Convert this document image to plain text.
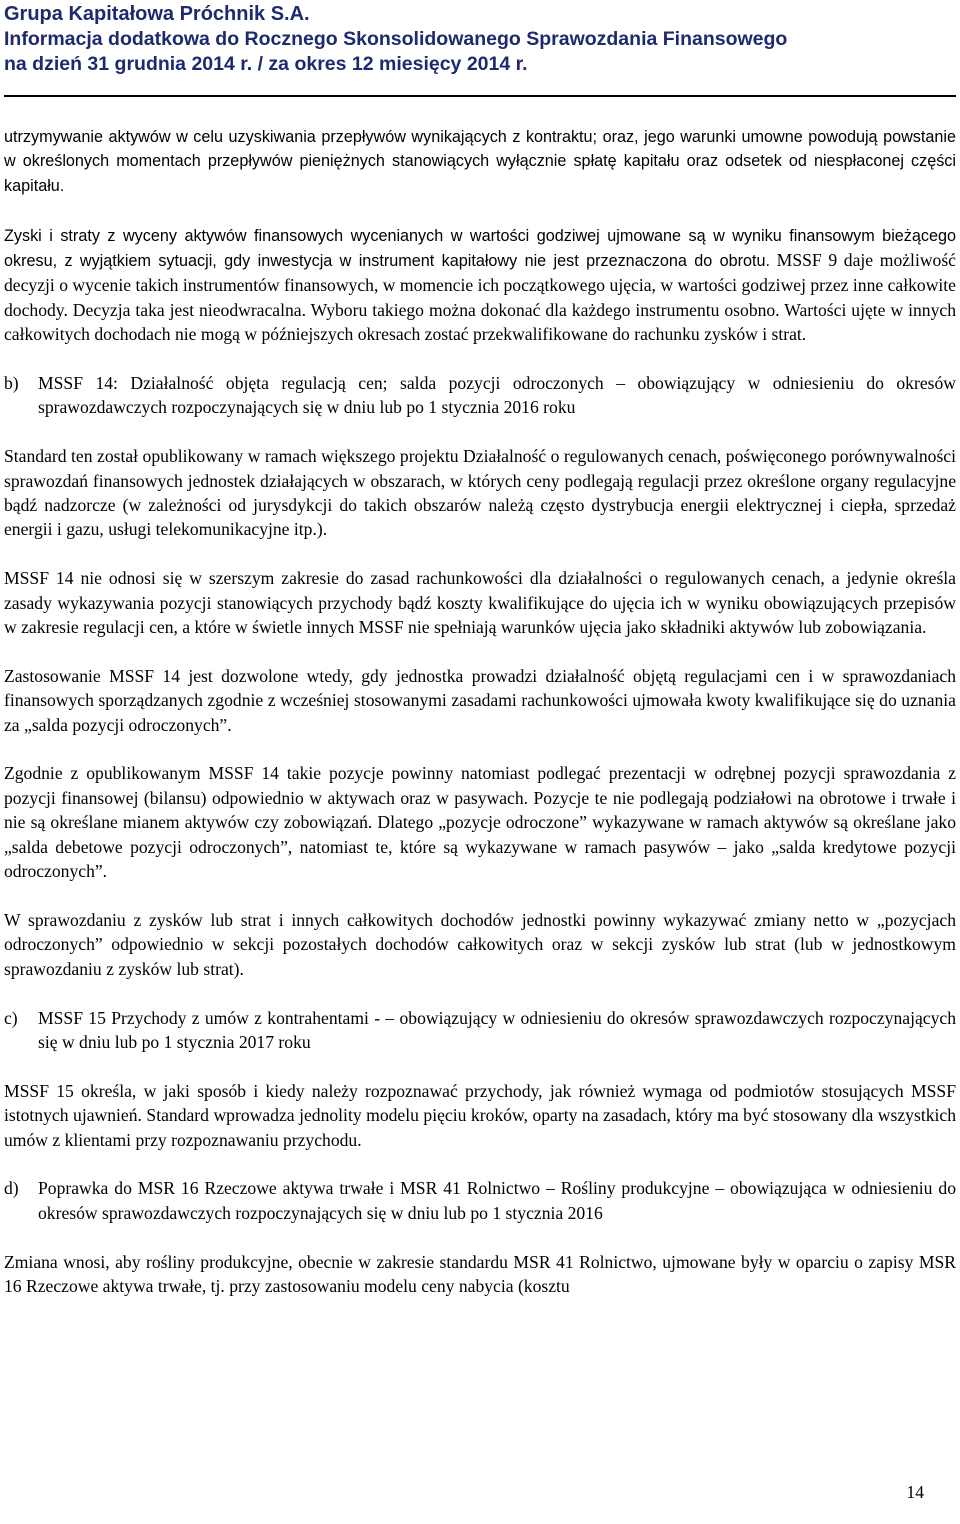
Grupa Kapitałowa Próchnik S.A.
Informacja dodatkowa do Rocznego Skonsolidowanego Sprawozdania Finansowego
na dzień 31 grudnia 2014 r. / za okres 12 miesięcy 2014 r.

utrzymywanie aktywów w celu uzyskiwania przepływów wynikających z kontraktu; oraz, jego warunki umowne powodują powstanie w określonych momentach przepływów pieniężnych stanowiących wyłącznie spłatę kapitału oraz odsetek od niespłaconej części kapitału.

Zyski i straty z wyceny aktywów finansowych wycenianych w wartości godziwej ujmowane są w wyniku finansowym bieżącego okresu, z wyjątkiem sytuacji, gdy inwestycja w instrument kapitałowy nie jest przeznaczona do obrotu. MSSF 9 daje możliwość decyzji o wycenie takich instrumentów finansowych, w momencie ich początkowego ujęcia, w wartości godziwej przez inne całkowite dochody. Decyzja taka jest nieodwracalna. Wyboru takiego można dokonać dla każdego instrumentu osobno. Wartości ujęte w innych całkowitych dochodach nie mogą w późniejszych okresach zostać przekwalifikowane do rachunku zysków i strat.

b)	MSSF 14: Działalność objęta regulacją cen; salda pozycji odroczonych – obowiązujący w odniesieniu do okresów sprawozdawczych rozpoczynających się w dniu lub po 1 stycznia 2016 roku

Standard ten został opublikowany w ramach większego projektu Działalność o regulowanych cenach, poświęconego porównywalności sprawozdań finansowych jednostek działających w obszarach, w których ceny podlegają regulacji przez określone organy regulacyjne bądź nadzorcze (w zależności od jurysdykcji do takich obszarów należą często dystrybucja energii elektrycznej i ciepła, sprzedaż energii i gazu, usługi telekomunikacyjne itp.).

MSSF 14 nie odnosi się w szerszym zakresie do zasad rachunkowości dla działalności o regulowanych cenach, a jedynie określa zasady wykazywania pozycji stanowiących przychody bądź koszty kwalifikujące do ujęcia ich w wyniku obowiązujących przepisów w zakresie regulacji cen, a które w świetle innych MSSF nie spełniają warunków ujęcia jako składniki aktywów lub zobowiązania.

Zastosowanie MSSF 14 jest dozwolone wtedy, gdy jednostka prowadzi działalność objętą regulacjami cen i w sprawozdaniach finansowych sporządzanych zgodnie z wcześniej stosowanymi zasadami rachunkowości ujmowała kwoty kwalifikujące się do uznania za „salda pozycji odroczonych”.

Zgodnie z opublikowanym MSSF 14 takie pozycje powinny natomiast podlegać prezentacji w odrębnej pozycji sprawozdania z pozycji finansowej (bilansu) odpowiednio w aktywach oraz w pasywach. Pozycje te nie podlegają podziałowi na obrotowe i trwałe i nie są określane mianem aktywów czy zobowiązań. Dlatego „pozycje odroczone” wykazywane w ramach aktywów są określane jako „salda debetowe pozycji odroczonych”, natomiast te, które są wykazywane w ramach pasywów – jako „salda kredytowe pozycji odroczonych”.

W sprawozdaniu z zysków lub strat i innych całkowitych dochodów jednostki powinny wykazywać zmiany netto w „pozycjach odroczonych” odpowiednio w sekcji pozostałych dochodów całkowitych oraz w sekcji zysków lub strat (lub w jednostkowym sprawozdaniu z zysków lub strat).

c)	MSSF 15 Przychody z umów z kontrahentami - – obowiązujący w odniesieniu do okresów sprawozdawczych rozpoczynających się w dniu lub po 1 stycznia 2017 roku

MSSF 15 określa, w jaki sposób i kiedy należy rozpoznawać przychody, jak również wymaga od podmiotów stosujących MSSF istotnych ujawnień. Standard wprowadza jednolity modelu pięciu kroków, oparty na zasadach, który ma być stosowany dla wszystkich umów z klientami przy rozpoznawaniu przychodu.

d)	Poprawka do MSR 16 Rzeczowe aktywa trwałe i MSR 41 Rolnictwo – Rośliny produkcyjne – obowiązująca w odniesieniu do okresów sprawozdawczych rozpoczynających się w dniu lub po 1 stycznia 2016

Zmiana wnosi, aby rośliny produkcyjne, obecnie w zakresie standardu MSR 41 Rolnictwo, ujmowane były w oparciu o zapisy MSR 16 Rzeczowe aktywa trwałe, tj. przy zastosowaniu modelu ceny nabycia (kosztu

14
